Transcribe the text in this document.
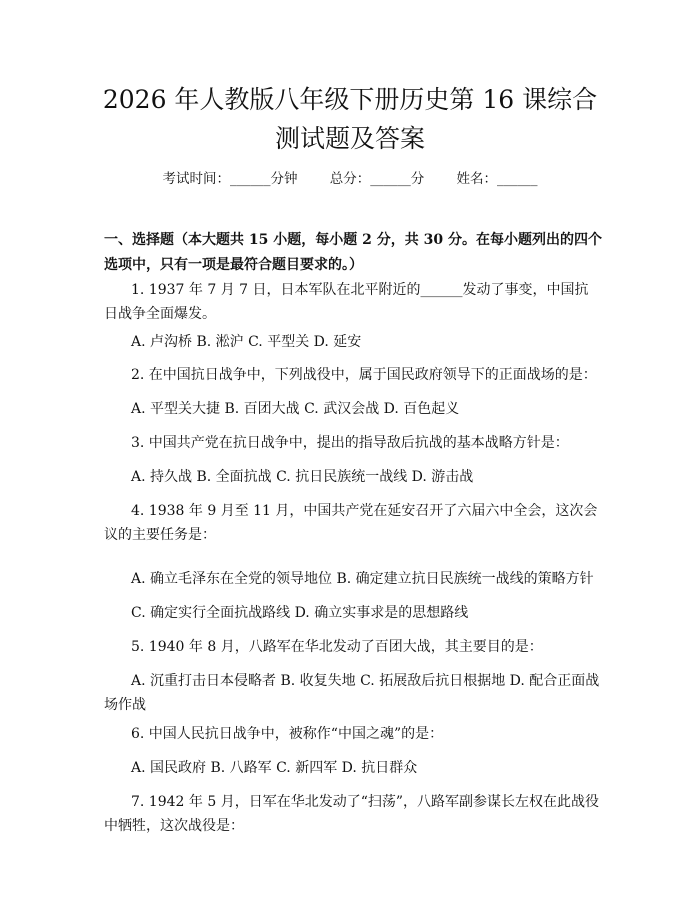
2026 年人教版八年级下册历史第 16 课综合
测试题及答案
考试时间：______分钟 总分：______分 姓名：______
一、选择题（本大题共 15 小题，每小题 2 分，共 30 分。在每小题列出的四个选项中，只有一项是最符合题目要求的。）
1. 1937 年 7 月 7 日，日本军队在北平附近的______发动了事变，中国抗日战争全面爆发。
A. 卢沟桥 B. 淞沪 C. 平型关 D. 延安
2. 在中国抗日战争中，下列战役中，属于国民政府领导下的正面战场的是：
A. 平型关大捷 B. 百团大战 C. 武汉会战 D. 百色起义
3. 中国共产党在抗日战争中，提出的指导敌后抗战的基本战略方针是：
A. 持久战 B. 全面抗战 C. 抗日民族统一战线 D. 游击战
4. 1938 年 9 月至 11 月，中国共产党在延安召开了六届六中全会，这次会议的主要任务是：
A. 确立毛泽东在全党的领导地位 B. 确定建立抗日民族统一战线的策略方针
C. 确定实行全面抗战路线 D. 确立实事求是的思想路线
5. 1940 年 8 月，八路军在华北发动了百团大战，其主要目的是：
A. 沉重打击日本侵略者 B. 收复失地 C. 拓展敌后抗日根据地 D. 配合正面战场作战
6. 中国人民抗日战争中，被称作“中国之魂”的是：
A. 国民政府 B. 八路军 C. 新四军 D. 抗日群众
7. 1942 年 5 月，日军在华北发动了“扫荡”，八路军副参谋长左权在此战役中牺牲，这次战役是：
